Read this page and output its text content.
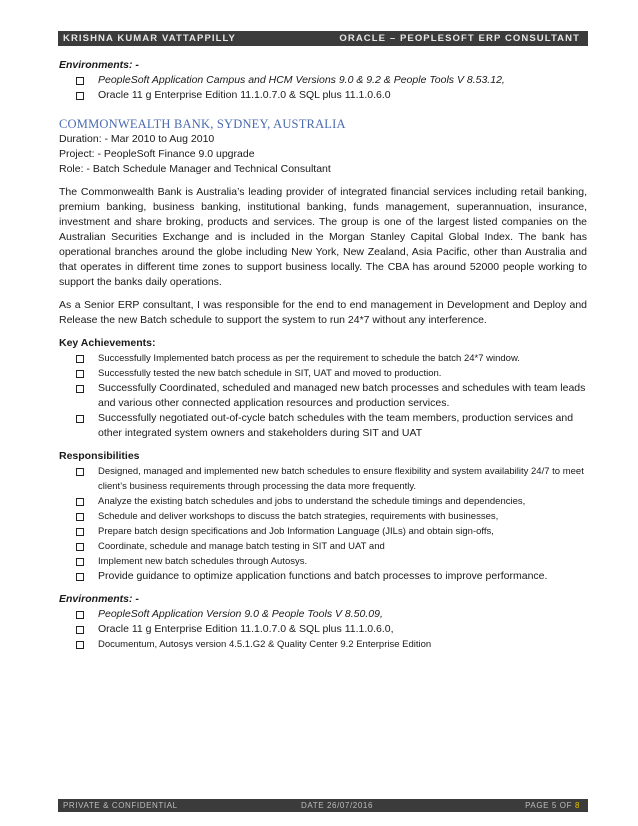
KRISHNA KUMAR VATTAPPILLY	ORACLE – PEOPLESOFT ERP CONSULTANT
Environments: -
PeopleSoft Application Campus and HCM Versions 9.0 & 9.2 & People Tools V 8.53.12,
Oracle 11 g Enterprise Edition 11.1.0.7.0 & SQL plus 11.1.0.6.0
COMMONWEALTH BANK, SYDNEY, AUSTRALIA
Duration: - Mar 2010 to Aug 2010
Project: - PeopleSoft Finance 9.0 upgrade
Role: - Batch Schedule Manager and Technical Consultant

The Commonwealth Bank is Australia’s leading provider of integrated financial services including retail banking, premium banking, business banking, institutional banking, funds management, superannuation, insurance, investment and share broking, products and services. The group is one of the largest listed companies on the Australian Securities Exchange and is included in the Morgan Stanley Capital Global Index. The bank has operational branches around the globe including New York, New Zealand, Asia Pacific, other than Australia and that operates in different time zones to support business locally. The CBA has around 52000 people working to support the banks daily operations.

As a Senior ERP consultant, I was responsible for the end to end management in Development and Deploy and Release the new Batch schedule to support the system to run 24*7 without any interference.

Key Achievements:
Successfully Implemented batch process as per the requirement to schedule the batch 24*7 window.
Successfully tested the new batch schedule in SIT, UAT and moved to production.
Successfully Coordinated, scheduled and managed new batch processes and schedules with team leads and various other connected application resources and production services.
Successfully negotiated out-of-cycle batch schedules with the team members, production services and other integrated system owners and stakeholders during SIT and UAT
Responsibilities
Designed, managed and implemented new batch schedules to ensure flexibility and system availability 24/7 to meet client’s business requirements through processing the data more frequently.
Analyze the existing batch schedules and jobs to understand the schedule timings and dependencies,
Schedule and deliver workshops to discuss the batch strategies, requirements with businesses,
Prepare batch design specifications and Job Information Language (JILs) and obtain sign-offs,
Coordinate, schedule and manage batch testing in SIT and UAT and
Implement new batch schedules through Autosys.
Provide guidance to optimize application functions and batch processes to improve performance.
Environments: -
PeopleSoft Application Version 9.0 & People Tools V 8.50.09,
Oracle 11 g Enterprise Edition 11.1.0.7.0 & SQL plus 11.1.0.6.0,
Documentum, Autosys version 4.5.1.G2 & Quality Center 9.2 Enterprise Edition
PRIVATE & CONFIDENTIAL	DATE 26/07/2016	PAGE 5 OF 8
